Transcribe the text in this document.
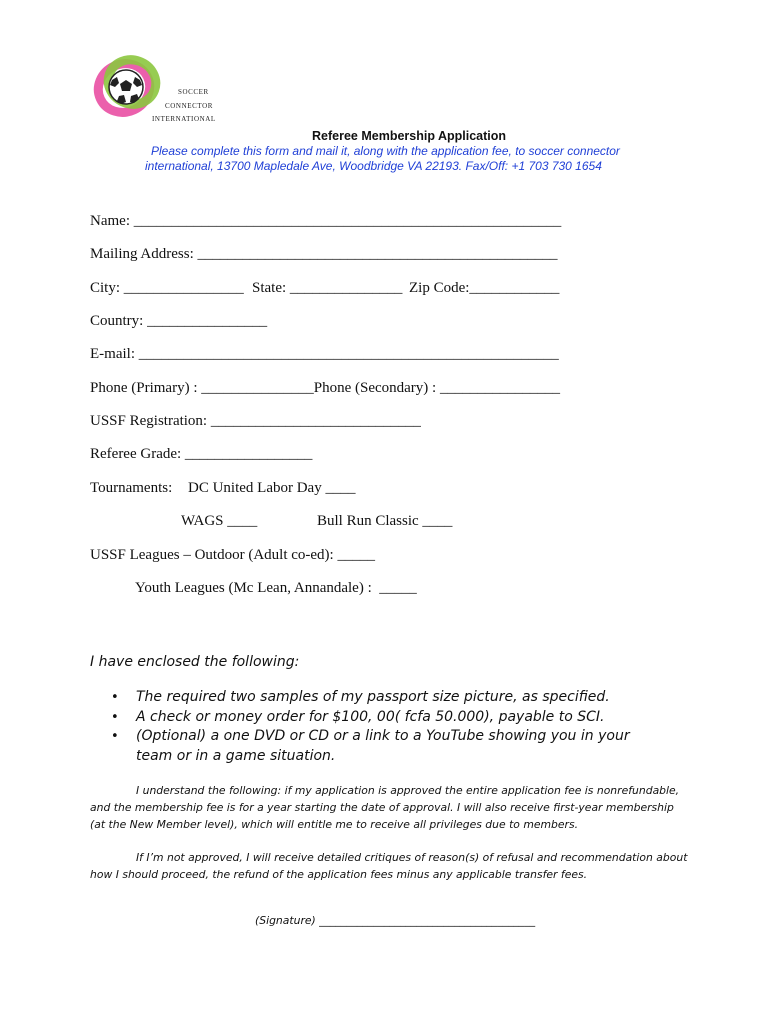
soccer
connector
international
Referee Membership Application
Please complete this form and mail it, along with the application fee, to soccer connector
international, 13700 Mapledale Ave, Woodbridge VA 22193. Fax/Off: +1 703 730 1654
Name: _________________________________________________________
Mailing Address: ________________________________________________
City: ________________ State: _______________ Zip Code:____________
Country: ________________
E-mail: ________________________________________________________
Phone (Primary) : _______________Phone (Secondary) : ________________
USSF Registration: ____________________________
Referee Grade: _________________
Tournaments: DC United Labor Day ____
WAGS ____	Bull Run Classic ____
USSF Leagues – Outdoor (Adult co-ed): _____
Youth Leagues (Mc Lean, Annandale) :  _____
I have enclosed the following:
• The required two samples of my passport size picture, as specified.
• A check or money order for $100, 00( fcfa 50.000), payable to SCI.
• (Optional) a one DVD or CD or a link to a YouTube showing you in your team or in a game situation.
I understand the following: if my application is approved the entire application fee is nonrefundable, and the membership fee is for a year starting the date of approval. I will also receive first-year membership (at the New Member level), which will entitle me to receive all privileges due to members.
If I’m not approved, I will receive detailed critiques of reason(s) of refusal and recommendation about how I should proceed, the refund of the application fees minus any applicable transfer fees.
(Signature) ________________________________________
